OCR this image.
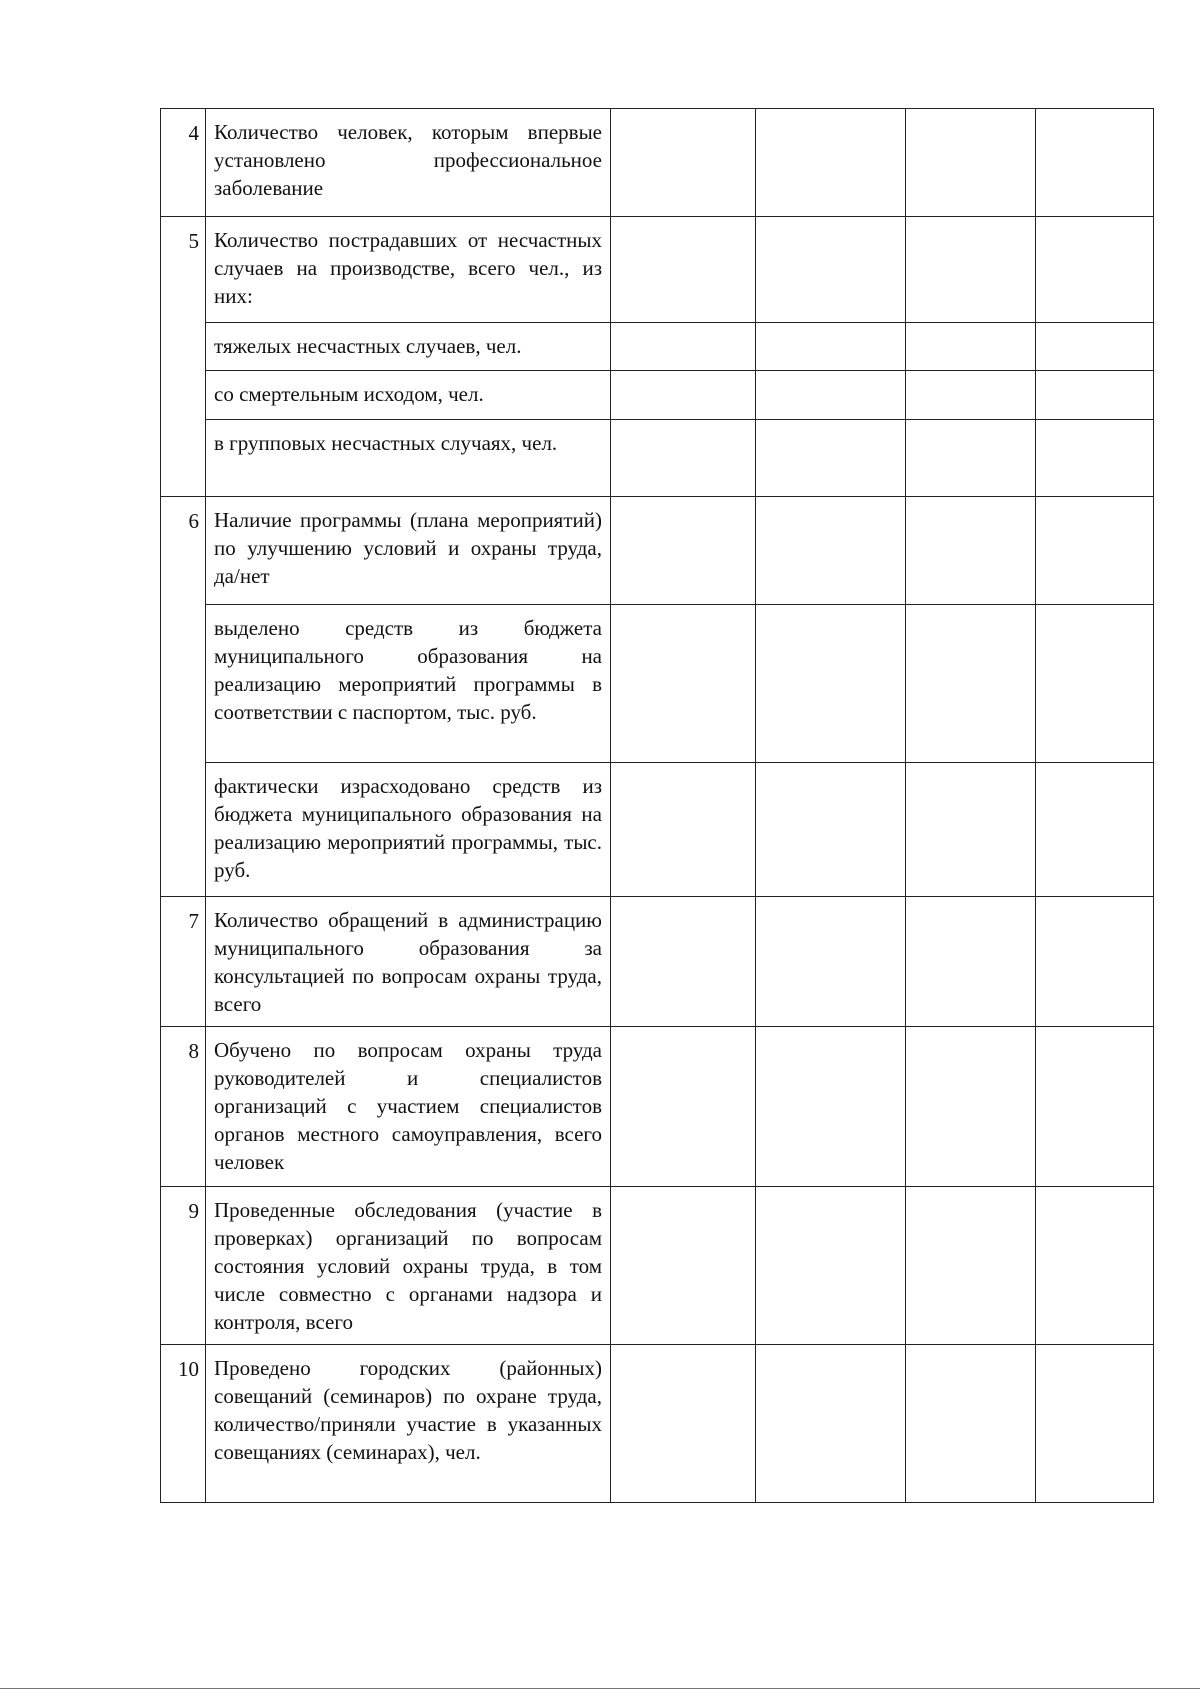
4	Количество человек, которым впервые установлено профессиональное заболевание				
5	Количество пострадавших от несчастных случаев на производстве, всего чел., из них:				
	тяжелых несчастных случаев, чел.				
	со смертельным исходом, чел.				
	в групповых несчастных случаях, чел.				
6	Наличие программы (плана мероприятий) по улучшению условий и охраны труда, да/нет				
	выделено средств из бюджета муниципального образования на реализацию мероприятий программы в соответствии с паспортом, тыс. руб.				
	фактически израсходовано средств из бюджета муниципального образования на реализацию мероприятий программы, тыс. руб.				
7	Количество обращений в администрацию муниципального образования за консультацией по вопросам охраны труда, всего				
8	Обучено по вопросам охраны труда руководителей и специалистов организаций с участием специалистов органов местного самоуправления, всего человек				
9	Проведенные обследования (участие в проверках) организаций по вопросам состояния условий охраны труда, в том числе совместно с органами надзора и контроля, всего				
10	Проведено городских (районных) совещаний (семинаров) по охране труда, количество/приняли участие в указанных совещаниях (семинарах), чел.				
